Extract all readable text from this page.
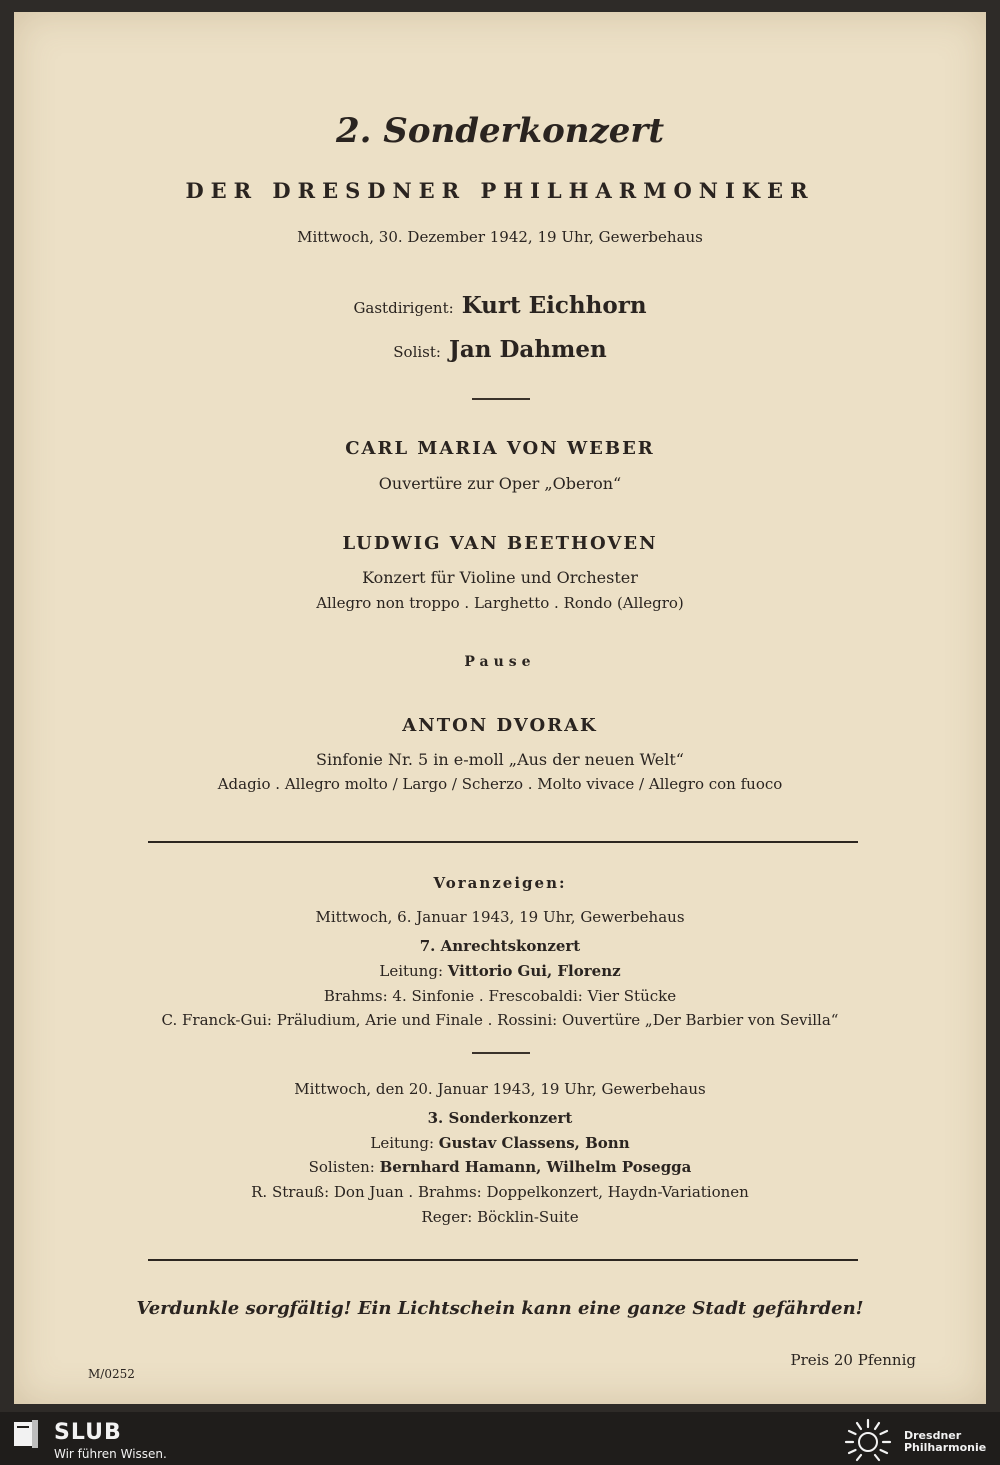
2. Sonderkonzert
DER DRESDNER PHILHARMONIKER
Mittwoch, 30. Dezember 1942, 19 Uhr, Gewerbehaus
Gastdirigent: Kurt Eichhorn
Solist: Jan Dahmen
CARL MARIA VON WEBER
Ouvertüre zur Oper „Oberon“
LUDWIG VAN BEETHOVEN
Konzert für Violine und Orchester
Allegro non troppo . Larghetto . Rondo (Allegro)
Pause
ANTON DVORAK
Sinfonie Nr. 5 in e-moll „Aus der neuen Welt“
Adagio . Allegro molto / Largo / Scherzo . Molto vivace / Allegro con fuoco
Voranzeigen:
Mittwoch, 6. Januar 1943, 19 Uhr, Gewerbehaus
7. Anrechtskonzert
Leitung: Vittorio Gui, Florenz
Brahms: 4. Sinfonie . Frescobaldi: Vier Stücke
C. Franck-Gui: Präludium, Arie und Finale . Rossini: Ouvertüre „Der Barbier von Sevilla“
Mittwoch, den 20. Januar 1943, 19 Uhr, Gewerbehaus
3. Sonderkonzert
Leitung: Gustav Classens, Bonn
Solisten: Bernhard Hamann, Wilhelm Posegga
R. Strauß: Don Juan . Brahms: Doppelkonzert, Haydn-Variationen
Reger: Böcklin-Suite
Verdunkle sorgfältig! Ein Lichtschein kann eine ganze Stadt gefährden!
Preis 20 Pfennig
M/0252
SLUB
Wir führen Wissen.
Dresdner
Philharmonie
